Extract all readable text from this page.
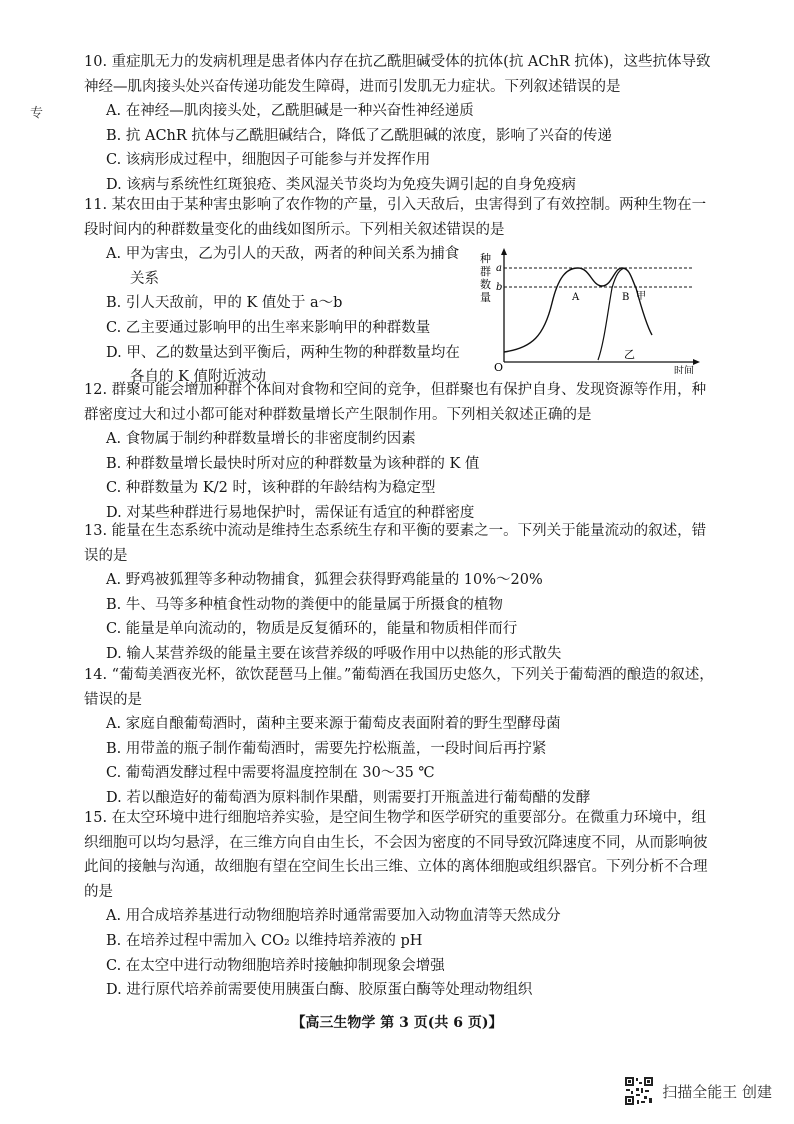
专

10. 重症肌无力的发病机理是患者体内存在抗乙酰胆碱受体的抗体(抗 AChR 抗体)，这些抗体导致神经—肌肉接头处兴奋传递功能发生障碍，进而引发肌无力症状。下列叙述错误的是

A. 在神经—肌肉接头处，乙酰胆碱是一种兴奋性神经递质

B. 抗 AChR 抗体与乙酰胆碱结合，降低了乙酰胆碱的浓度，影响了兴奋的传递

C. 该病形成过程中，细胞因子可能参与并发挥作用

D. 该病与系统性红斑狼疮、类风湿关节炎均为免疫失调引起的自身免疫病

11. 某农田由于某种害虫影响了农作物的产量，引入天敌后，虫害得到了有效控制。两种生物在一段时间内的种群数量变化的曲线如图所示。下列相关叙述错误的是

A. 甲为害虫，乙为引人的天敌，两者的种间关系为捕食

关系

B. 引人天敌前，甲的 K 值处于 a～b

C. 乙主要通过影响甲的出生率来影响甲的种群数量

D. 甲、乙的数量达到平衡后，两种生物的种群数量均在

各自的 K 值附近波动

种
群
数
量
O	时间
a
b
A	B 甲
乙

12. 群聚可能会增加种群个体间对食物和空间的竞争，但群聚也有保护自身、发现资源等作用，种群密度过大和过小都可能对种群数量增长产生限制作用。下列相关叙述正确的是

A. 食物属于制约种群数量增长的非密度制约因素

B. 种群数量增长最快时所对应的种群数量为该种群的 K 值

C. 种群数量为 K/2 时，该种群的年龄结构为稳定型

D. 对某些种群进行易地保护时，需保证有适宜的种群密度

13. 能量在生态系统中流动是维持生态系统生存和平衡的要素之一。下列关于能量流动的叙述，错误的是

A. 野鸡被狐狸等多种动物捕食，狐狸会获得野鸡能量的 10%～20%

B. 牛、马等多种植食性动物的粪便中的能量属于所摄食的植物

C. 能量是单向流动的，物质是反复循环的，能量和物质相伴而行

D. 输人某营养级的能量主要在该营养级的呼吸作用中以热能的形式散失

14. “葡萄美酒夜光杯，欲饮琵琶马上催。”葡萄酒在我国历史悠久，下列关于葡萄酒的酿造的叙述，错误的是

A. 家庭自酿葡萄酒时，菌种主要来源于葡萄皮表面附着的野生型酵母菌

B. 用带盖的瓶子制作葡萄酒时，需要先拧松瓶盖，一段时间后再拧紧

C. 葡萄酒发酵过程中需要将温度控制在 30～35 ℃

D. 若以酿造好的葡萄酒为原料制作果醋，则需要打开瓶盖进行葡萄醋的发酵

15. 在太空环境中进行细胞培养实验，是空间生物学和医学研究的重要部分。在微重力环境中，组织细胞可以均匀悬浮，在三维方向自由生长，不会因为密度的不同导致沉降速度不同，从而影响彼此间的接触与沟通，故细胞有望在空间生长出三维、立体的离体细胞或组织器官。下列分析不合理的是

A. 用合成培养基进行动物细胞培养时通常需要加入动物血清等天然成分

B. 在培养过程中需加入 CO₂ 以维持培养液的 pH

C. 在太空中进行动物细胞培养时接触抑制现象会增强

D. 进行原代培养前需要使用胰蛋白酶、胶原蛋白酶等处理动物组织

【高三生物学 第 3 页(共 6 页)】
扫描全能王 创建
